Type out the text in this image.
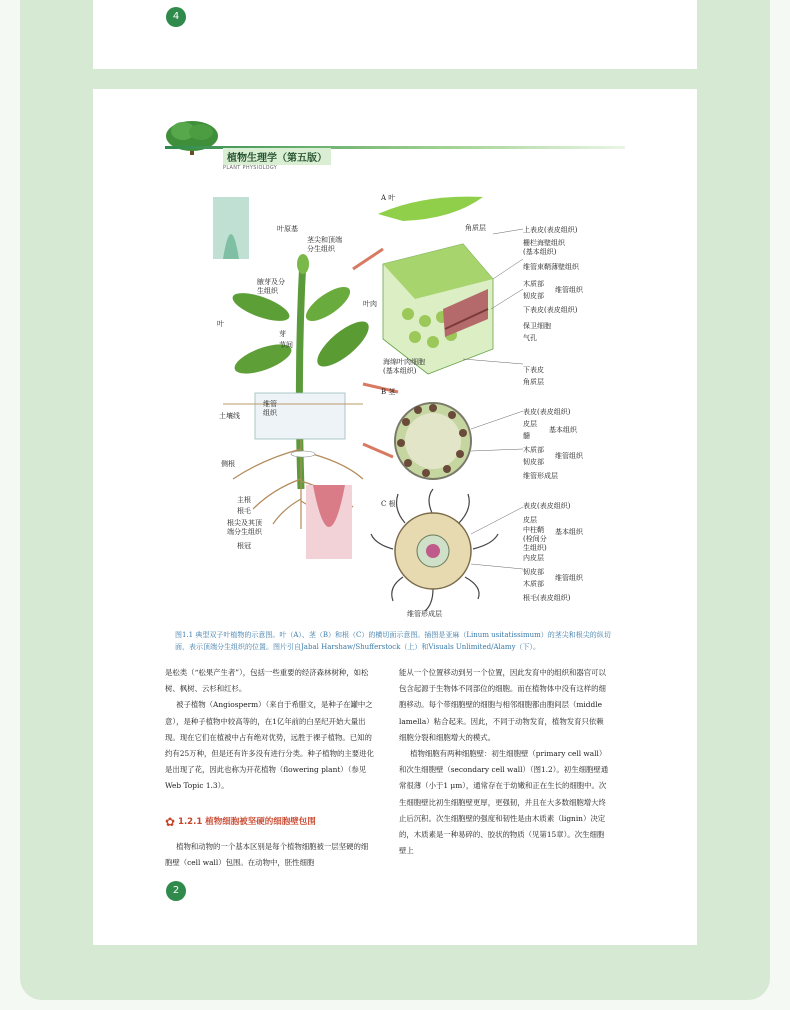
4
植物生理学（第五版）
PLANT PHYSIOLOGY
A 叶
B 茎
C 根
叶原基
茎尖和顶端
分生组织
腋芽及分
生组织
叶
芽
节间
维管
组织
土壤线
侧根
主根
根毛
根尖及其顶
端分生组织
根冠
上表皮(表皮组织)
栅栏海壁组织
(基本组织)
维管束鞘薄壁组织
木质部
韧皮部
维管组织
下表皮(表皮组织)
保卫细胞
气孔
角质层
叶肉
海绵叶肉细胞
(基本组织)	下表皮
角质层
表皮(表皮组织)
皮层
基本组织
髓
木质部
韧皮部
维管组织
维管形成层
表皮(表皮组织)
皮层
中柱鞘
(栓间分
生组织)
基本组织
内皮层
韧皮部
木质部
维管组织
根毛(表皮组织)
维管形成层
图1.1 典型双子叶植物的示意图。叶（A）、茎（B）和根（C）的横切面示意图。插图是亚麻（Linum usitatissimum）的茎尖和根尖的纵切面，表示顶端分生组织的位置。图片引自Jabal Harshaw/Shufferstock（上）和Visuals Unlimited/Alamy（下）。

是松类（“松果产生者”），包括一些重要的经济森林树种，如松树、枫树、云杉和红杉。

被子植物（Angiosperm）（来自于希腊文，是种子在罐中之意），是种子植物中较高等的，在1亿年前的白垩纪开始大量出现。现在它们在植被中占有绝对优势，远胜于裸子植物。已知的约有25万种，但是还有许多没有进行分类。种子植物的主要进化是出现了花，因此也称为开花植物（flowering plant）（参见Web Topic 1.3）。

✿ 1.2.1 植物细胞被坚硬的细胞壁包围

植物和动物的一个基本区别是每个植物细胞被一层坚硬的细胞壁（cell wall）包围。在动物中，胚性细胞

能从一个位置移动到另一个位置，因此发育中的组织和器官可以包含起源于生物体不同部位的细胞。而在植物体中没有这样的细胞移动。每个带细胞壁的细胞与相邻细胞都由胞间层（middle lamella）粘合起来。因此，不同于动物发育，植物发育只依赖细胞分裂和细胞增大的模式。

植物细胞有两种细胞壁：初生细胞壁（primary cell wall）和次生细胞壁（secondary cell wall）（图1.2）。初生细胞壁通常很薄（小于1 μm），通常存在于幼嫩和正在生长的细胞中。次生细胞壁比初生细胞壁更厚，更强韧，并且在大多数细胞增大终止后沉积。次生细胞壁的强度和韧性是由木质素（lignin）决定的，木质素是一种易碎的、胶状的物质（见第15章）。次生细胞壁上

2
